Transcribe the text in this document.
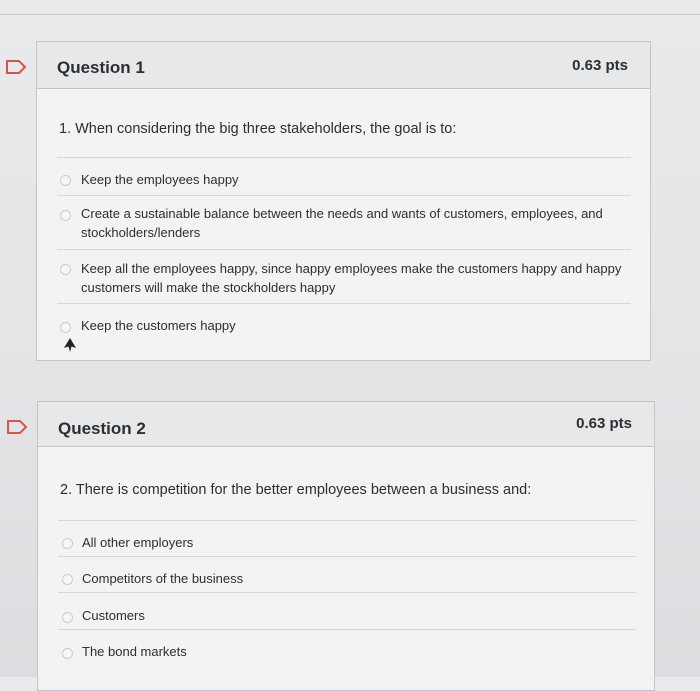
Question 1	0.63 pts
1. When considering the big three stakeholders, the goal is to:
Keep the employees happy
Create a sustainable balance between the needs and wants of customers, employees, and stockholders/lenders
Keep all the employees happy, since happy employees make the customers happy and happy customers will make the stockholders happy
Keep the customers happy
Question 2	0.63 pts
2. There is competition for the better employees between a business and:
All other employers
Competitors of the business
Customers
The bond markets
